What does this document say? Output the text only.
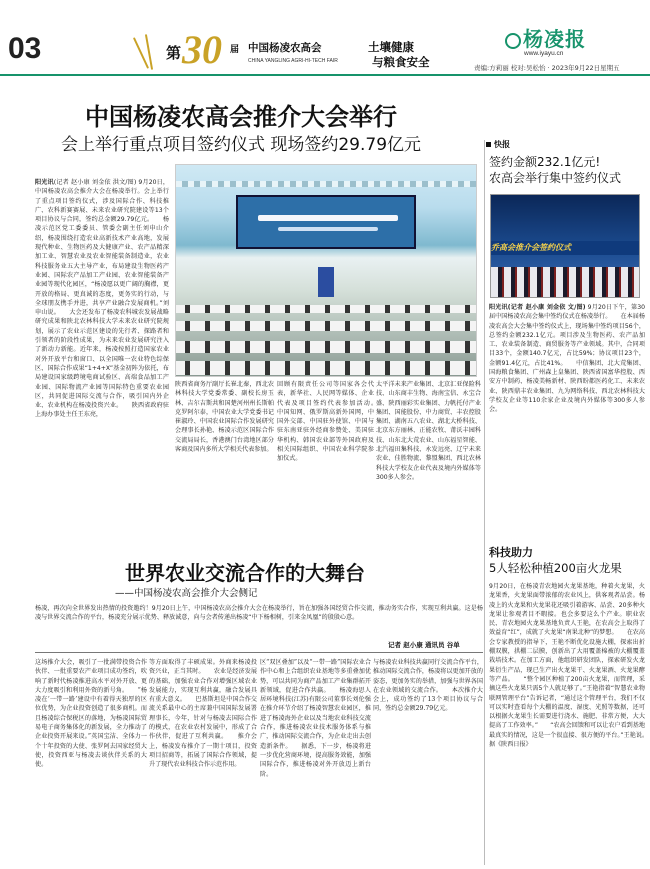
03	第 30 届 中国杨凌农高会
CHINA YANGLING AGRI-HI-TECH FAIR
土壤健康
与粮食安全
杨凌报
www.iyayu.cn
责编:方莉丽 校对:吴松怡 · 2023年9月22日星期五
中国杨凌农高会推介大会举行
会上举行重点项目签约仪式 现场签约29.79亿元
阳光讯(记者 赵小康 刘金依 洪文/图) 9月20日，中国杨凌农高会推介大会在杨凌举行。会上举行了重点项目签约仪式，涉及国际合作、科技推广、农科新赛赛展、未来农业研究院建设等13个项目协议与合同，签约总金额29.79亿元。　　杨凌示范区党工委委员、管委会副主任刘申山介绍，杨凌围绕打造农业高新技术产业高地，发展现代种业、生物医药及大健康产业、农产品精深加工业、智慧农业及农业智能装备制造业，农业科技服务业五大主导产业，布局建设生物医药产业园、国际农产品加工产业园、农业智能装备产业园等现代化园区，“杨凌愿以更广阔的胸襟，更开放的格局、更真诚的态度，更务实的行动，与全球朋友携手并进，共享产业融合发展商机。”刘申山说。　　大会还发布了杨凌农科城农发展战略研究成果和陕北农林科技大学未来农业研究院规划，展示了农业示范区建设的先行者、探路者和引领者的阶段性成果，为未来农业发展研究注入了新动力新能。近年来，杨凌按照打造国家农业对外开放平台和窗口、以全国唯一农业特色综保区、国际合作成果“1+4+X”基金初阵为依托，布局建设国家级跨境电商试验区、高端食品加工产业园、国际物流产业园等国际特色重要农业园区，共同促进国际交流与合作，吸引国内外企业、农业机构在杨凌投资兴业。　　陕西省政府驻上海办事处主任王东亮，
陕西省商务厅副厅长崔北秦，西北农林科技大学党委常委、副校长房玉林、吉尔吉斯共和国楚河州州长斯帕克罗阿尔泰，中国农业大学党委书记崔淑玲、中国农业国际合作发展研究会理事长孙艳、杨凌示范区国际合作交流局局长，香港澳门台湾地区部分客商及国内多所大学相关代表参加。
回顾有限责任公司等国家各会代表，新华社、人民网等媒体、企业代表及项目签约代表参加活动。　　中国知网、俄罗斯高新外国网，中国外交部、中国驻外使馆、中国与驻东南亚驻外经商参赞处、美国驻华机构、韩国农业部等外国政府及相关国际组织、中国农业科学院参加仪式。
太平洋未来产业集团、北京汇亚保险科技、山东商丰生物、海南宝信、永宝合盛、陕西丽彩实业集团、力帆托付产业集团、国能股份、中力商贸、丰农控股集团、湖南五八农业、湖北大桥科技、北京东方丽林、正能农牧、莆沃丰园科技、山东北大荒农业、山东福星智能、北汽福田集科技、永发远亮、辽宁未来农业、佳胜物流、黎盟集团、西北农林科技大学校友企业代表及境内外媒体等300多人参会。
快报
签约金额232.1亿元!
农高会举行集中签约仪式
乔高会推介会签约仪式
阳光讯(记者 赵小康 刘金依 文/图) 9月20日下午，第30届中国杨凌农高会集中签约仪式在杨凌举行。　　在本届杨凌农高会大会集中签约仪式上，现场集中签约项目56个，总签约金额232.1亿元。项目涉及生物医药、农产品加工、农业装备制造、商贸服务等产业领域。其中，合同项目33个，金额140.7亿元，占比59%；协议项目23个，金额91.4亿元，占比41%。　　中信集团、北大荒集团、国海粮食集团、广州森上皇集团、陕西省国富华控股、西安方中制药、杨凌美畅新材、陕西盼都医药化工、未来农业、陕西鼎丰农业集团、九为网络科技、西北农林科技大学校友企业等110余家企业及境内外媒体等300多人参会。
科技助力
5人轻松种植200亩火龙果
9月20日，在杨凌青农地园火龙果基地，种着火龙果，火龙果香，火龙果面带浓郁的农业风上，供客观者品尝。杨凌上的火龙果和火龙果花还吸引着游客、品尝、20多种火龙果让参观者目不暇接。也会多要这么个产业。职业农民、青农地园火龙果基地负责人王艳，在农高会上取得了效益育“红”，成就了火龙果“南果北种”的梦想。　　在农高会专家教授的指导下，王艳不断优化设施大棚，探索出折棚双膜，拱棚二层膜，创新出了大用覆盖棉被的大棚覆盖栽培技术。在加工方面，他组织研发团队，探索研发火龙果衍生产品，现已生产出火龙果干、火龙果酒、火龙果酵等产品。　　“整个园区种植了200亩火龙果，而管理，采摘这些火龙果只需5个人就足够了。”王艳指着“智慧农业物联网管理平台”告诉记者，“通过这个管理平台，我们不仅可以实时查看每个大棚的温度、湿度、光照等数据，还可以根据火龙果生长需要进行浇水、施肥、非常方便，大大提高了工作效率。”　　“农高会回馈和可以让农户看到基地最真实的情况，这是一个很直接、很方便的平台。”王艳说。　据《陕西日报》
世界农业交流合作的大舞台
——中国杨凌农高会推介大会侧记
杨凌，再次向全世界发出热情的投资邀约！9月20日上午，中国杨凌农高会推介大会在杨凌举行，旨在加强各国经贸合作交流，推动务实合作，实现互利共赢。这是杨凌与世界交流合作的平台，杨凌充分展示优势、释放诚意，向与会者传递出杨凌“中下杨相树，引来金凤凰”的殷殷心意。
记者 赵小康 通讯员 谷单
这场推介大会，吸引了一批满带投资合作伙伴、一批重要农产业项目成功签约，吹响了新时代杨凌推进高水平对外开放、更大力度吸引和利用外资的新号角。　　“杨凌在‘一带一路’建设中有着得天独厚的区位优势，为企业投资创造了很多商机。而且杨凌综合保税区的落地，为杨凌国际贸易电子商务集体化的新发展，全力推动了企业投资开展来设。”英国宝洁、全体力一个十年投资的大使、张罗阿去国家经贸大使，投资西亚与杨凌去谈伙伴关系的大使。
等方面取得了丰硕成果。外商来杨凌投资兴业，正当其时。　　农业是经济发展的基础，加强农业合作对增强区域农业发展能力，实现互利共赢，融合发展具有重大意义。　　巴基斯坦是中国合作交流关系最中心的主席兼中国国际发展署理事长，今年，针对与杨凌去国际合作的模式，在农业农村发展中，形成了合作伙伴，促进了互利共赢。　　推介会上，杨凌发布推介了一期十项目，投资项目招商等，拓展了国际合作领域，提升了现代农业科技合作示范作用。
区“双区叠加”以及“一带一路”国际农业合作中心和上合组织农业基地等多重叠加优势，可以共同为商产品加工产业集群拓开新领域，促进合作共赢。　　杨凌海思人居环境科技(江苏)有限公司董事长刘伦强在推介环节介绍了杨凌智慧农业园区，推进了杨凌海外企业以及当地农业科技交流合作，推进杨凌农业技术服务体系与推广，推动国际交流合作，为企业走出去创造新条件。　　据悉，下一步，杨凌将进一步优化营商环境，提高服务效能，加强国际合作，推进杨凌对外开放迈上新台阶。
与杨凌农业科技共赢同行交流合作平台，推动国际交流合作，杨凌将以更加开放的姿态，更加务实的举措，加强与世界各国在农业领域的交流合作。　　本次推介大会上，成功签约了13个项目协议与合同，签约总金额29.79亿元。
